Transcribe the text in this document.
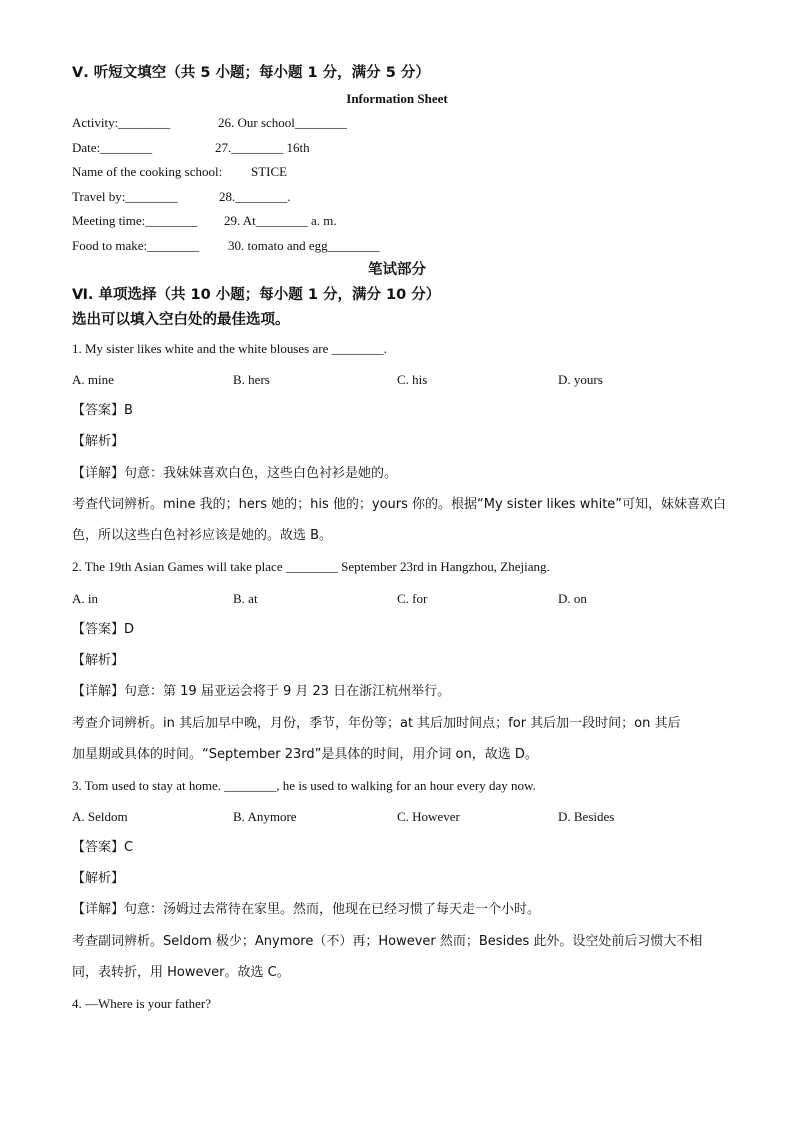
Ⅴ. 听短文填空（共 5 小题；每小题 1 分，满分 5 分）
Information Sheet
Activity:________	26. Our school________
Date:________	27.________ 16th
Name of the cooking school: STICE
Travel by:________	28.________.
Meeting time:________ 29. At________ a. m.
Food to make:________ 30. tomato and egg________
笔试部分
Ⅵ. 单项选择（共 10 小题；每小题 1 分，满分 10 分）
选出可以填入空白处的最佳选项。
1. My sister likes white and the white blouses are ________.
A. mine	B. hers	C. his	D. yours
【答案】B
【解析】
【详解】句意：我妹妹喜欢白色，这些白色衬衫是她的。
考查代词辨析。mine 我的；hers 她的；his 他的；yours 你的。根据“My sister likes white”可知，妹妹喜欢白
色，所以这些白色衬衫应该是她的。故选 B。
2. The 19th Asian Games will take place ________ September 23rd in Hangzhou, Zhejiang.
A. in	B. at	C. for	D. on
【答案】D
【解析】
【详解】句意：第 19 届亚运会将于 9 月 23 日在浙江杭州举行。
考查介词辨析。in 其后加早中晚，月份，季节，年份等；at 其后加时间点；for 其后加一段时间；on 其后
加星期或具体的时间。“September 23rd”是具体的时间，用介词 on，故选 D。
3. Tom used to stay at home. ________, he is used to walking for an hour every day now.
A. Seldom	B. Anymore	C. However	D. Besides
【答案】C
【解析】
【详解】句意：汤姆过去常待在家里。然而，他现在已经习惯了每天走一个小时。
考查副词辨析。Seldom 极少；Anymore（不）再；However 然而；Besides 此外。设空处前后习惯大不相
同，表转折，用 However。故选 C。
4. —Where is your father?
